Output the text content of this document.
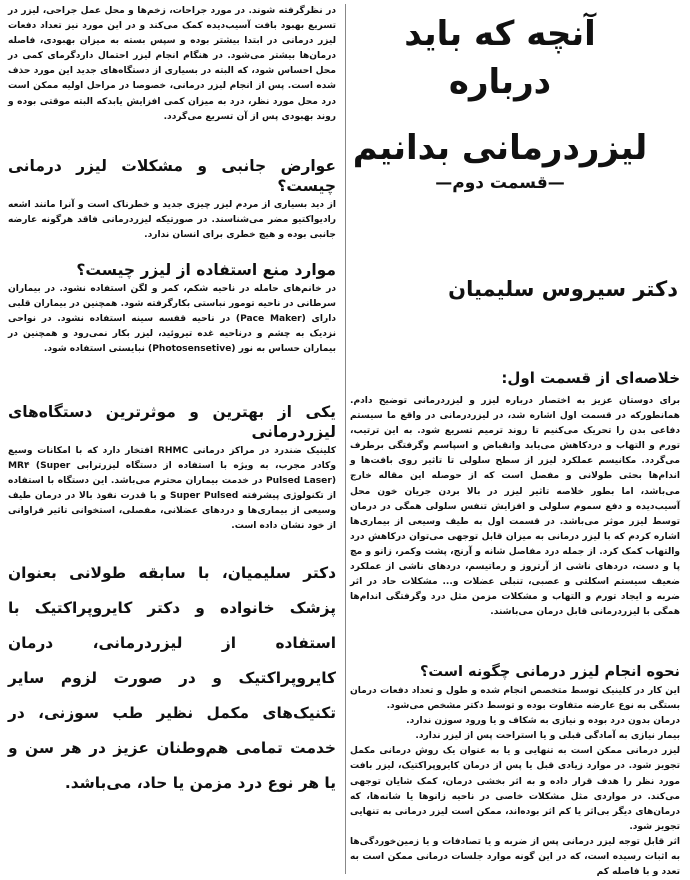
آنچه که باید درباره
لیزردرمانی بدانیم
—قسمت دوم—
دکتر سیروس سلیمیان
خلاصه‌ای از قسمت اول:

برای دوستان عزیز به اختصار درباره لیزر و لیزردرمانی توضیح دادم. همانطورکه در قسمت اول اشاره شد، در لیزردرمانی در واقع ما سیستم دفاعی بدن را تحریک می‌کنیم تا روند ترمیم تسریع شود. به این ترتیب، تورم و التهاب و دردکاهش می‌یابد وانقباض و اسپاسم وگرفتگی برطرف می‌گردد. مکانیسم عملکرد لیزر از سطح سلولی تا تاثیر روی بافت‌ها و اندام‌ها بحثی طولانی و مفصل است که از حوصله این مقاله خارج می‌باشد، اما بطور خلاصه تاثیر لیزر در بالا بردن جریان خون محل آسیب‌دیده و دفع سموم سلولی و افزایش تنفس سلولی همگی در درمان توسط لیزر موثر می‌باشد. در قسمت اول به طیف وسیعی از بیماری‌ها اشاره کردم که با لیزر درمانی به میزان قابل توجهی می‌توان درکاهش درد والتهاب کمک کرد. از جمله درد مفاصل شانه و آرنج، پشت وکمر، زانو و مچ پا و دست، دردهای ناشی از آرتروز و رماتیسم، دردهای ناشی از عملکرد ضعیف سیستم اسکلتی و عصبی، تنبلی عضلات و... مشکلات حاد در اثر ضربه و ایجاد تورم و التهاب و مشکلات مزمن مثل درد وگرفتگی اندام‌ها همگی با لیزردرمانی قابل درمان می‌باشند.

نحوه انجام لیزر درمانی چگونه است؟

این کار در کلینیک توسط متخصص انجام شده و طول و تعداد دفعات درمان بستگی به نوع عارضه متفاوت بوده و توسط دکتر مشخص می‌شود.

درمان بدون درد بوده و نیازی به شکاف و یا ورود سوزن ندارد.

بیمار نیازی به آمادگی قبلی و یا استراحت پس از لیزر ندارد.

لیزر درمانی ممکن است به تنهایی و یا به عنوان یک روش درمانی مکمل تجویز شود. در موارد زیادی قبل یا پس از درمان کایروپراکتیک، لیزر بافت مورد نظر را هدف قرار داده و به اثر بخشی درمان، کمک شایان توجهی می‌کند. در مواردی مثل مشکلات خاصی در ناحیه زانوها یا شانه‌ها، که درمان‌های دیگر بی‌اثر یا کم اثر بوده‌اند، ممکن است لیزر درمانی به تنهایی تجویز شود.

اثر قابل توجه لیزر درمانی پس از ضربه و یا تصادفات و یا زمین‌خوردگی‌ها به اثبات رسیده است، که در این گونه موارد جلسات درمانی ممکن است به تعدد و با فاصله کم

در نظرگرفته شوند. در مورد جراحات، زخم‌ها و محل عمل جراحی، لیزر در تسریع بهبود بافت آسیب‌دیده کمک می‌کند و در این مورد نیز تعداد دفعات لیزر درمانی در ابتدا بیشتر بوده و سپس بسته به میزان بهبودی، فاصله درمان‌ها بیشتر می‌شود. در هنگام انجام لیزر احتمال داردگرمای کمی در محل احساس شود، که البته در بسیاری از دستگاه‌های جدید این مورد حذف شده است. پس از انجام لیزر درمانی، خصوصا در مراحل اولیه ممکن است درد محل مورد نظر، درد به میزان کمی افزایش یابدکه البته موقتی بوده و روند بهبودی پس از آن تسریع می‌گردد.

عوارض جانبی و مشکلات لیزر درمانی چیست؟

از دید بسیاری از مردم لیزر چیزی جدید و خطرناک است و آنرا مانند اشعه رادیواکتیو مضر می‌شناسند. در صورتیکه لیزردرمانی فاقد هرگونه عارضه جانبی بوده و هیچ خطری برای انسان ندارد.

موارد منع استفاده از لیزر چیست؟

در خانم‌های حامله در ناحیه شکم، کمر و لگن استفاده نشود. در بیماران سرطانی در ناحیه تومور نباستی بکارگرفته شود. همچنین در بیماران قلبی دارای (Pace Maker) در ناحیه قفسه سینه استفاده نشود. در نواحی نزدیک به چشم و درناحیه غده تیروئید، لیزر بکار نمی‌رود و همچنین در بیماران حساس به نور (Photosensetive) نبایستی استفاده شود.

یکی از بهترین و موثرترین دستگاه‌های لیزردرمانی

کلینیک ضندرد در مراکز درمانی RHMC افتخار دارد که با امکانات وسیع وکادر مجرب، به ویژه با استفاده از دستگاه لیزرترابی MR۴ (Super Pulsed Laser) در خدمت بیماران محترم می‌باشد. این دستگاه با استفاده از تکنولوژی پیشرفته Super Pulsed و با قدرت نفوذ بالا در درمان طیف وسیعی از بیماری‌ها و دردهای عضلانی، مفصلی، استخوانی تاثیر فراوانی از خود نشان داده است.

دکتر سلیمیان، با سابقه طولانی بعنوان پزشک خانواده و دکتر کایروپراکتیک با استفاده از لیزردرمانی، درمان کایروپراکتیک و در صورت لزوم سایر تکنیک‌های مکمل نظیر طب سوزنی، در خدمت تمامی هم‌وطنان عزیز در هر سن و یا هر نوع درد مزمن یا حاد، می‌باشد.
